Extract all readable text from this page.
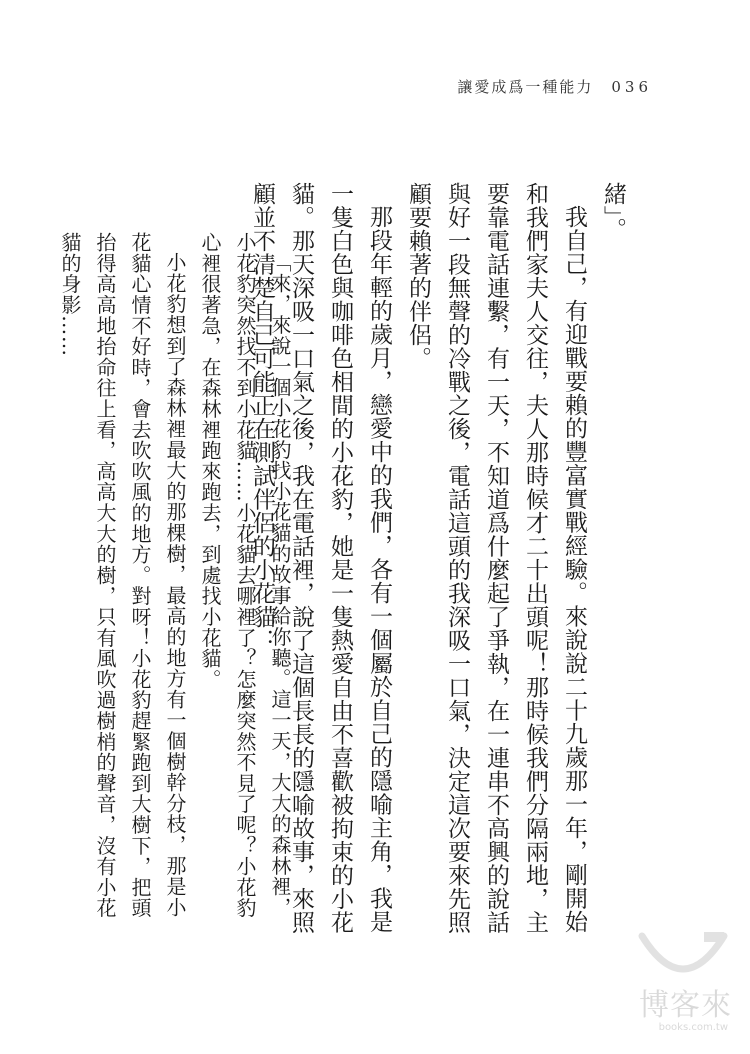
讓愛成爲一種能力 036

緒」。

我自己，有迎戰要賴的豐富實戰經驗。來說說二十九歲那一年，剛開始和我們家夫人交往，夫人那時候才二十出頭呢！那時候我們分隔兩地，主要靠電話連繫，有一天，不知道爲什麼起了爭執，在一連串不高興的說話與好一段無聲的冷戰之後，電話這頭的我深吸一口氣，決定這次要來先照顧要賴著的伴侶。

那段年輕的歲月，戀愛中的我們，各有一個屬於自己的隱喻主角，我是一隻白色與咖啡色相間的小花豹，她是一隻熱愛自由不喜歡被拘束的小花貓。那天深吸一口氣之後，我在電話裡，說了這個長長的隱喻故事，來照顧並不清楚自己可能正在測試伴侶的小花貓：

「來，來說一個小花豹找小花貓的故事給你聽。這一天，大大的森林裡，小花豹突然找不到小花貓……小花貓去哪裡了？怎麼突然不見了呢？小花豹心裡很著急，在森林裡跑來跑去，到處找小花貓。

小花豹想到了森林裡最大的那棵樹，最高的地方有一個樹幹分枝，那是小花貓心情不好時，會去吹吹風的地方。對呀！小花豹趕緊跑到大樹下，把頭抬得高高地抬命往上看，高高大大的樹，只有風吹過樹梢的聲音，沒有小花貓的身影……

博客來
books.com.tw
